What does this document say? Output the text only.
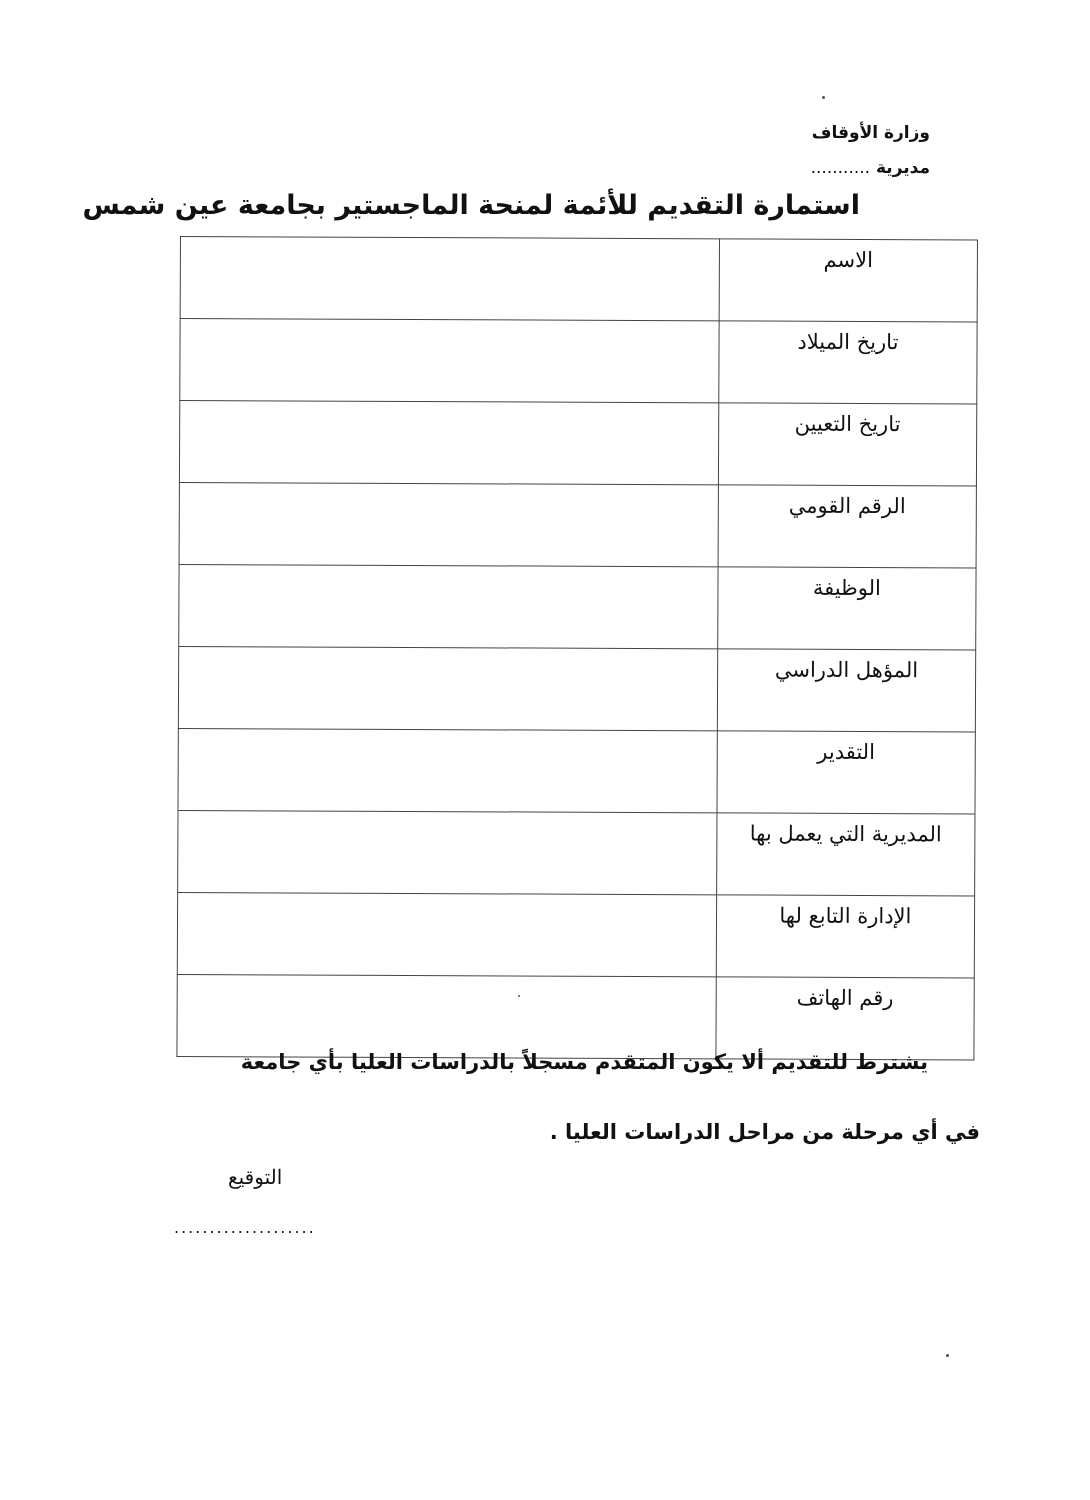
وزارة الأوقاف
مديرية ...........
استمارة التقديم للأئمة لمنحة الماجستير بجامعة عين شمس
الاسم	
تاريخ الميلاد	
تاريخ التعيين	
الرقم القومي	
الوظيفة	
المؤهل الدراسي	
التقدير	
المديرية التي يعمل بها	
الإدارة التابع لها	
رقم الهاتف	
يشترط للتقديم ألا يكون المتقدم مسجلاً بالدراسات العليا بأي جامعة
في أي مرحلة من مراحل الدراسات العليا .
التوقيع
....................
